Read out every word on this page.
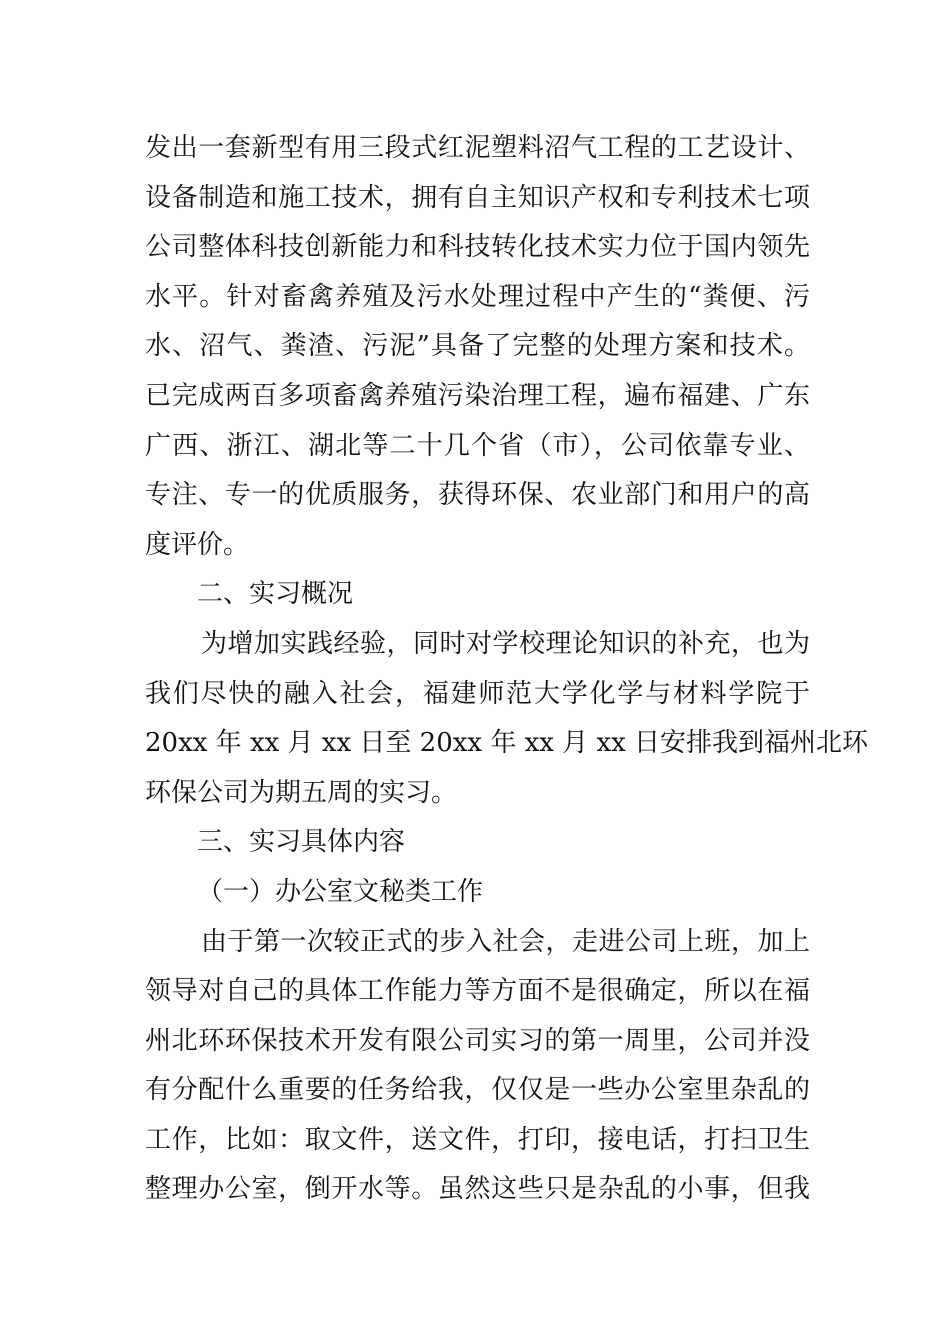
发出一套新型有用三段式红泥塑料沼气工程的工艺设计、
设备制造和施工技术，拥有自主知识产权和专利技术七项
公司整体科技创新能力和科技转化技术实力位于国内领先
水平。针对畜禽养殖及污水处理过程中产生的“粪便、污
水、沼气、粪渣、污泥”具备了完整的处理方案和技术。
已完成两百多项畜禽养殖污染治理工程，遍布福建、广东
广西、浙江、湖北等二十几个省（市），公司依靠专业、
专注、专一的优质服务，获得环保、农业部门和用户的高
度评价。
二、实习概况
为增加实践经验，同时对学校理论知识的补充，也为
我们尽快的融入社会，福建师范大学化学与材料学院于
20xx 年 xx 月 xx 日至 20xx 年 xx 月 xx 日安排我到福州北环
环保公司为期五周的实习。
三、实习具体内容
（一）办公室文秘类工作
由于第一次较正式的步入社会，走进公司上班，加上
领导对自己的具体工作能力等方面不是很确定，所以在福
州北环环保技术开发有限公司实习的第一周里，公司并没
有分配什么重要的任务给我，仅仅是一些办公室里杂乱的
工作，比如：取文件，送文件，打印，接电话，打扫卫生
整理办公室，倒开水等。虽然这些只是杂乱的小事，但我
